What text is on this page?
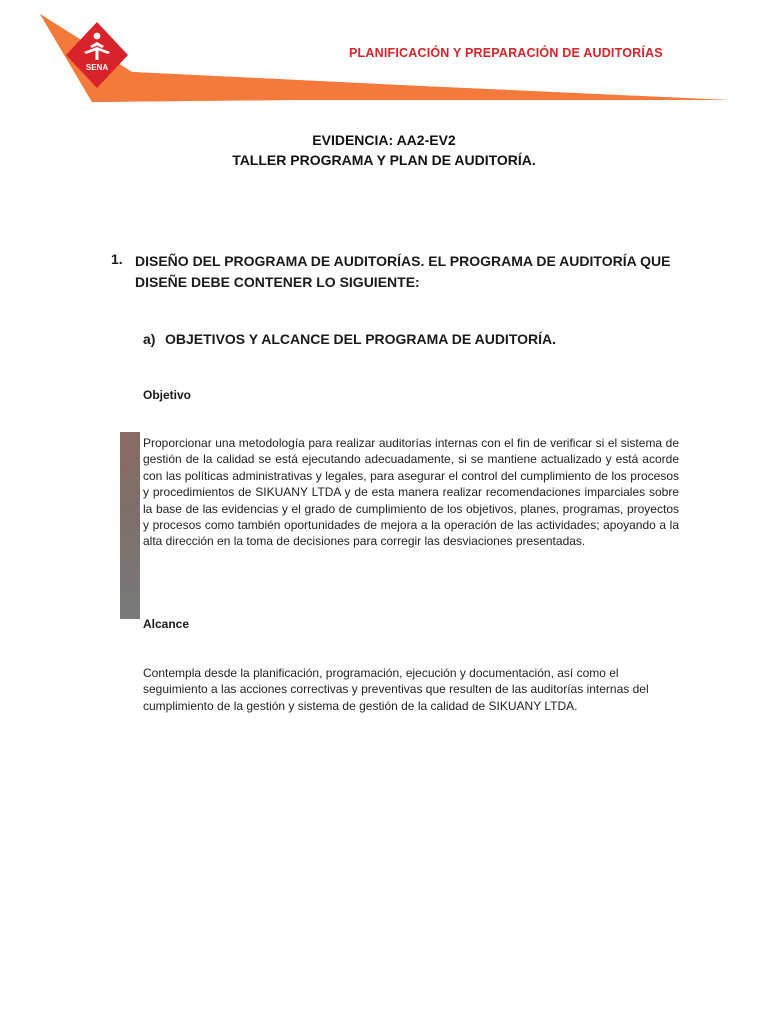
SENA
PLANIFICACIÓN Y PREPARACIÓN DE AUDITORÍAS
EVIDENCIA: AA2-EV2
TALLER PROGRAMA Y PLAN DE AUDITORÍA.
1. DISEÑO DEL PROGRAMA DE AUDITORÍAS. EL PROGRAMA DE AUDITORÍA QUE DISEÑE DEBE CONTENER LO SIGUIENTE:
a) OBJETIVOS Y ALCANCE DEL PROGRAMA DE AUDITORÍA.
Objetivo
Proporcionar una metodología para realizar auditorías internas con el fin de verificar si el sistema de gestión de la calidad se está ejecutando adecuadamente, si se mantiene actualizado y está acorde con las políticas administrativas y legales, para asegurar el control del cumplimiento de los procesos y procedimientos de SIKUANY LTDA y de esta manera realizar recomendaciones imparciales sobre la base de las evidencias y el grado de cumplimiento de los objetivos, planes, programas, proyectos y procesos como también oportunidades de mejora a la operación de las actividades; apoyando a la alta dirección en la toma de decisiones para corregir las desviaciones presentadas.
Alcance
Contempla desde la planificación, programación, ejecución y documentación, así como el seguimiento a las acciones correctivas y preventivas que resulten de las auditorías internas del cumplimiento de la gestión y sistema de gestión de la calidad de SIKUANY LTDA.
